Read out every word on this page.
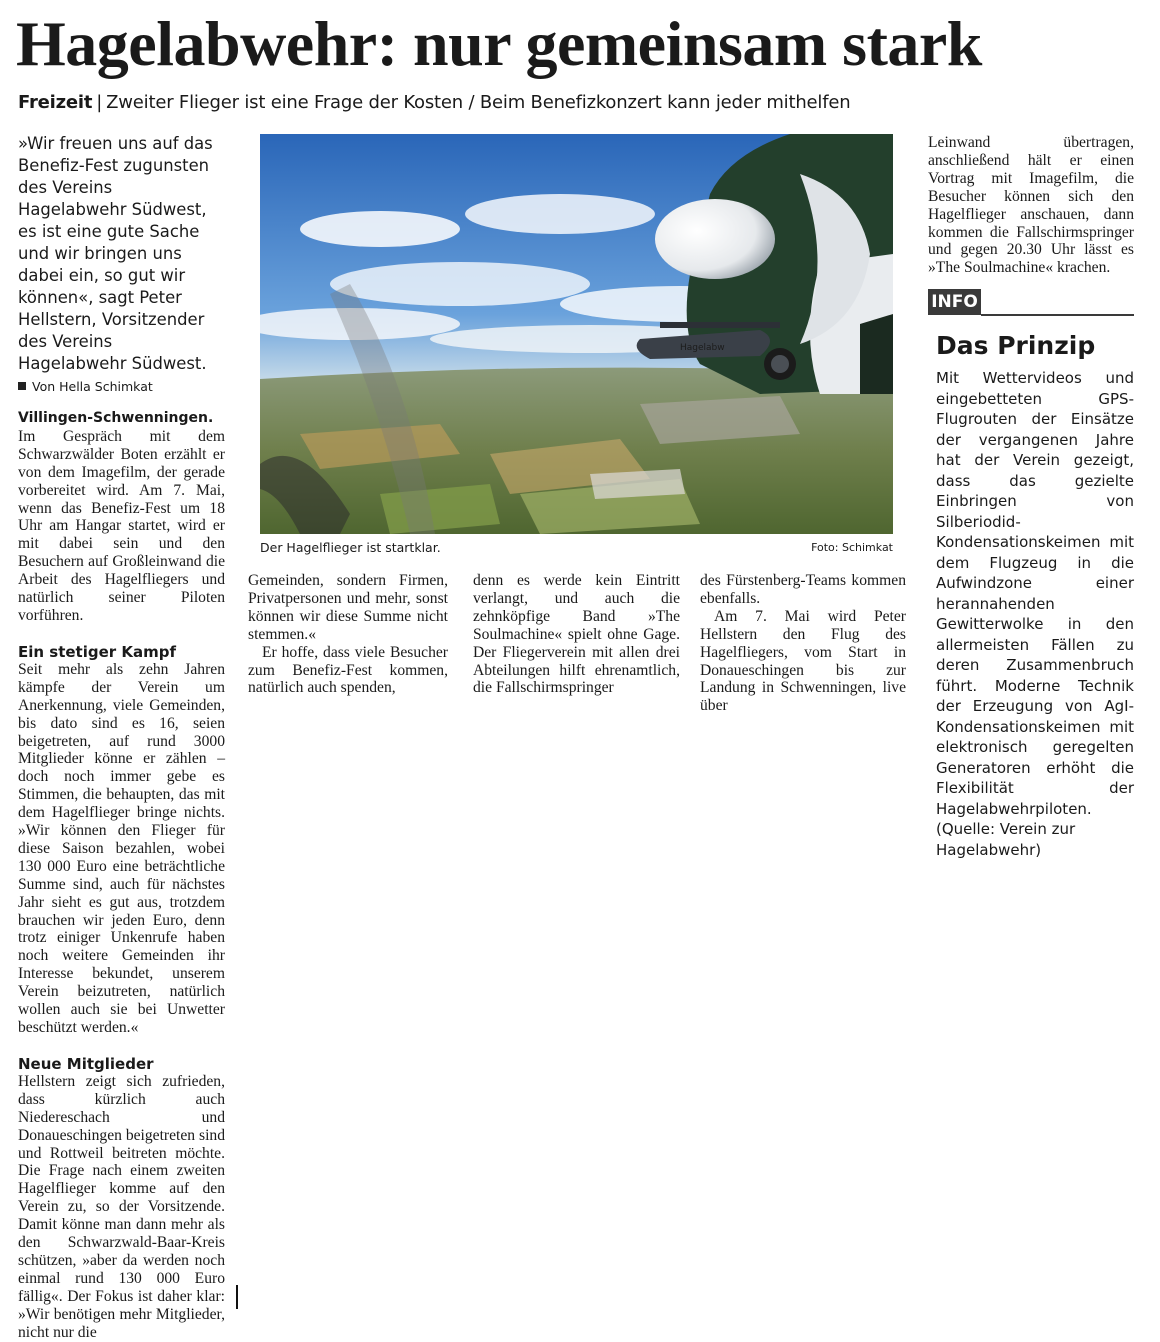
Hagelabwehr: nur gemeinsam stark
Freizeit | Zweiter Flieger ist eine Frage der Kosten / Beim Benefizkonzert kann jeder mithelfen

»Wir freuen uns auf das Benefiz-Fest zugunsten des Vereins Hagelabwehr Südwest, es ist eine gute Sache und wir bringen uns dabei ein, so gut wir können«, sagt Peter Hellstern, Vorsitzender des Vereins Hagelabwehr Südwest.

Von Hella Schimkat

Villingen-Schwenningen. Im Gespräch mit dem Schwarzwälder Boten erzählt er von dem Imagefilm, der gerade vorbereitet wird. Am 7. Mai, wenn das Benefiz-Fest um 18 Uhr am Hangar startet, wird er mit dabei sein und den Besuchern auf Großleinwand die Arbeit des Hagelfliegers und natürlich seiner Piloten vorführen.

Ein stetiger Kampf

Seit mehr als zehn Jahren kämpfe der Verein um Anerkennung, viele Gemeinden, bis dato sind es 16, seien beigetreten, auf rund 3000 Mitglieder könne er zählen – doch noch immer gebe es Stimmen, die behaupten, das mit dem Hagelflieger bringe nichts. »Wir können den Flieger für diese Saison bezahlen, wobei 130 000 Euro eine beträchtliche Summe sind, auch für nächstes Jahr sieht es gut aus, trotzdem brauchen wir jeden Euro, denn trotz einiger Unkenrufe haben noch weitere Gemeinden ihr Interesse bekundet, unserem Verein beizutreten, natürlich wollen auch sie bei Unwetter beschützt werden.«

Neue Mitglieder

Hellstern zeigt sich zufrieden, dass kürzlich auch Niedereschach und Donaueschingen beigetreten sind und Rottweil beitreten möchte. Die Frage nach einem zweiten Hagelflieger komme auf den Verein zu, so der Vorsitzende. Damit könne man dann mehr als den Schwarzwald-Baar-Kreis schützen, »aber da werden noch einmal rund 130 000 Euro fällig«. Der Fokus ist daher klar: »Wir benötigen mehr Mitglieder, nicht nur die

Hagelabw
Der Hagelflieger ist startklar.	Foto: Schimkat

Gemeinden, sondern Firmen, Privatpersonen und mehr, sonst können wir diese Summe nicht stemmen.«

Er hoffe, dass viele Besucher zum Benefiz-Fest kommen, natürlich auch spenden,

denn es werde kein Eintritt verlangt, und auch die zehnköpfige Band »The Soulmachine« spielt ohne Gage. Der Fliegerverein mit allen drei Abteilungen hilft ehrenamtlich, die Fallschirmspringer

des Fürstenberg-Teams kommen ebenfalls.

Am 7. Mai wird Peter Hellstern den Flug des Hagelfliegers, vom Start in Donaueschingen bis zur Landung in Schwenningen, live über

Leinwand übertragen, anschließend hält er einen Vortrag mit Imagefilm, die Besucher können sich den Hagelflieger anschauen, dann kommen die Fallschirmspringer und gegen 20.30 Uhr lässt es »The Soulmachine« krachen.

INFO
Das Prinzip

Mit Wettervideos und eingebetteten GPS-Flugrouten der Einsätze der vergangenen Jahre hat der Verein gezeigt, dass das gezielte Einbringen von Silberiodid-Kondensationskeimen mit dem Flugzeug in die Aufwindzone einer herannahenden Gewitterwolke in den allermeisten Fällen zu deren Zusammenbruch führt. Moderne Technik der Erzeugung von AgI-Kondensationskeimen mit elektronisch geregelten Generatoren erhöht die Flexibilität der Hagelabwehrpiloten.

(Quelle: Verein zur Hagelabwehr)
